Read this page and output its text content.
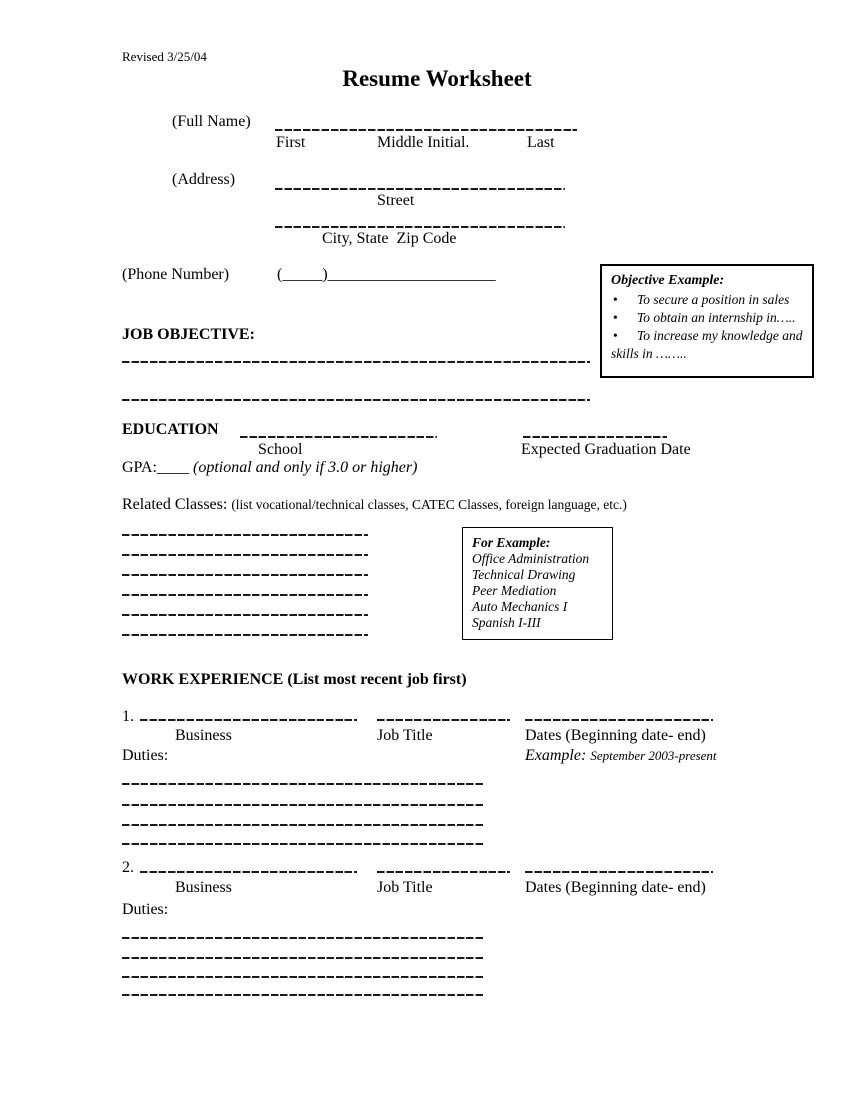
Revised 3/25/04
Resume Worksheet
(Full Name)
First	Middle Initial.	Last
(Address)
Street
City, State  Zip Code
(Phone Number)	(_____)_____________________	Objective Example:
• To secure a position in sales
• To obtain an internship in…..
• To increase my knowledge and skills in ……..
JOB OBJECTIVE:
EDUCATION
School	Expected Graduation Date
GPA:____ (optional and only if 3.0 or higher)
Related Classes: (list vocational/technical classes, CATEC Classes, foreign language, etc.)
For Example:
Office Administration
Technical Drawing
Peer Mediation
Auto Mechanics I
Spanish I-III
WORK EXPERIENCE (List most recent job first)
1.
Business	Job Title	Dates (Beginning date- end)
Duties:	Example: September 2003-present
2.
Business	Job Title	Dates (Beginning date- end)
Duties:
